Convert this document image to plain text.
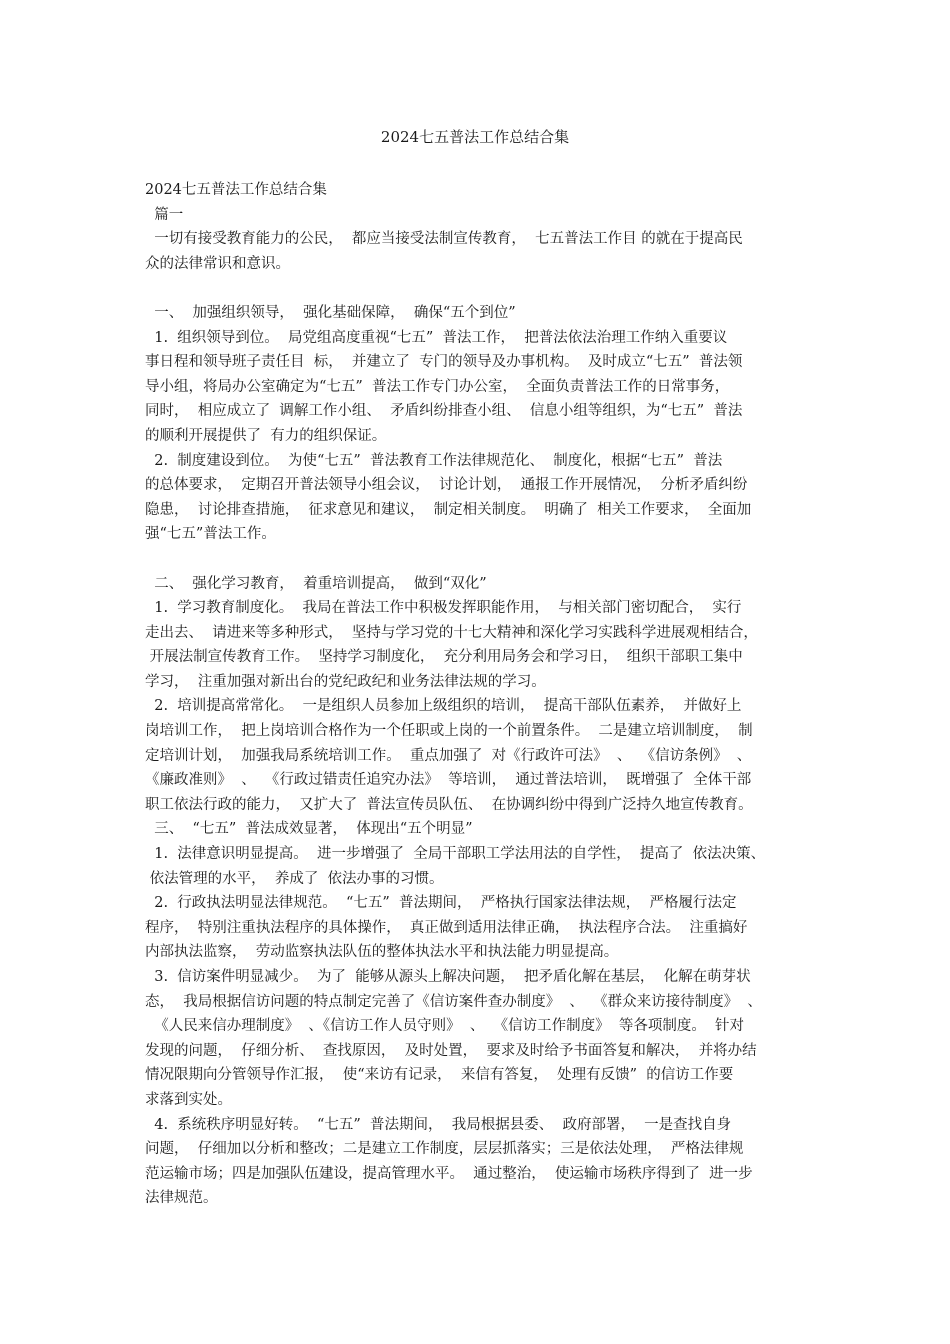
2024七五普法工作总结合集
2024七五普法工作总结合集
篇一
一切有接受教育能力的公民，  都应当接受法制宣传教育，  七五普法工作目 的就在于提高民
众的法律常识和意识。
一、  加强组织领导，  强化基础保障，  确保“五个到位”
1.  组织领导到位。  局党组高度重视“七五”  普法工作，  把普法依法治理工作纳入重要议
事日程和领导班子责任目  标，  并建立了  专门的领导及办事机构。  及时成立“七五”  普法领
导小组，将局办公室确定为“七五”  普法工作专门办公室，  全面负责普法工作的日常事务，
同时，  相应成立了  调解工作小组、  矛盾纠纷排查小组、  信息小组等组织，为“七五”  普法
的顺利开展提供了  有力的组织保证。
2.  制度建设到位。  为使“七五”  普法教育工作法律规范化、  制度化，根据“七五”  普法
的总体要求，  定期召开普法领导小组会议，  讨论计划，  通报工作开展情况，  分析矛盾纠纷
隐患，  讨论排查措施，  征求意见和建议，  制定相关制度。  明确了  相关工作要求，  全面加
强“七五”普法工作。
二、  强化学习教育，  着重培训提高，  做到“双化”
1.  学习教育制度化。  我局在普法工作中积极发挥职能作用，  与相关部门密切配合，  实行
走出去、  请进来等多种形式，  坚持与学习党的十七大精神和深化学习实践科学进展观相结合，
开展法制宣传教育工作。  坚持学习制度化，  充分利用局务会和学习日，  组织干部职工集中
学习，  注重加强对新出台的党纪政纪和业务法律法规的学习。
2.  培训提高常常化。  一是组织人员参加上级组织的培训，  提高干部队伍素养，  并做好上
岗培训工作，  把上岗培训合格作为一个任职或上岗的一个前置条件。  二是建立培训制度，  制
定培训计划，  加强我局系统培训工作。  重点加强了  对《行政许可法》  、  《信访条例》  、
《廉政准则》  、  《行政过错责任追究办法》  等培训，  通过普法培训，  既增强了  全体干部
职工依法行政的能力，  又扩大了  普法宣传员队伍、  在协调纠纷中得到广泛持久地宣传教育。
三、  “七五”  普法成效显著，  体现出“五个明显”
1.  法律意识明显提高。  进一步增强了  全局干部职工学法用法的自学性，  提高了  依法决策、
依法管理的水平，  养成了  依法办事的习惯。
2.  行政执法明显法律规范。  “七五”  普法期间，  严格执行国家法律法规，  严格履行法定
程序，  特别注重执法程序的具体操作，  真正做到适用法律正确，  执法程序合法。  注重搞好
内部执法监察，  劳动监察执法队伍的整体执法水平和执法能力明显提高。
3.  信访案件明显减少。  为了  能够从源头上解决问题，  把矛盾化解在基层，  化解在萌芽状
态，  我局根据信访问题的特点制定完善了《信访案件查办制度》  、  《群众来访接待制度》  、
《人民来信办理制度》  、《信访工作人员守则》  、  《信访工作制度》  等各项制度。  针对
发现的问题，  仔细分析、  查找原因，  及时处置，  要求及时给予书面答复和解决，  并将办结
情况限期向分管领导作汇报，  使“来访有记录，  来信有答复，  处理有反馈”  的信访工作要
求落到实处。
4.  系统秩序明显好转。  “七五”  普法期间，  我局根据县委、  政府部署，  一是查找自身
问题，  仔细加以分析和整改；二是建立工作制度，层层抓落实；三是依法处理，  严格法律规
范运输市场；四是加强队伍建设，提高管理水平。  通过整治，  使运输市场秩序得到了  进一步
法律规范。
